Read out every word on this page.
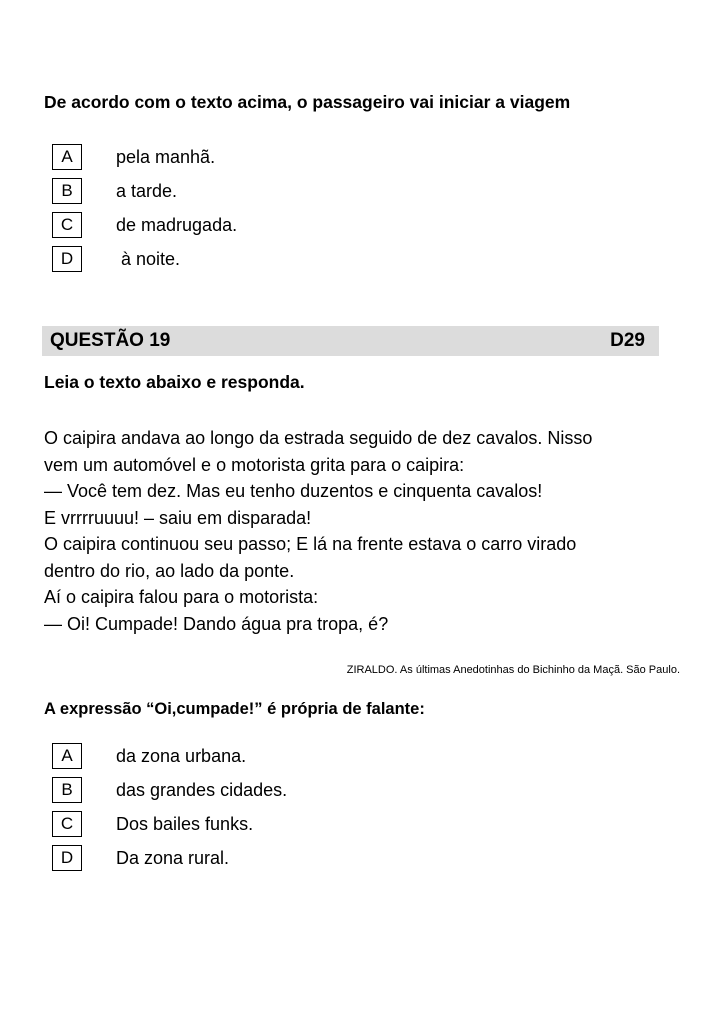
De acordo com o texto acima, o passageiro vai iniciar a viagem
A	pela manhã.
B	a tarde.
C	de madrugada.
D	à noite.
QUESTÃO 19	D29
Leia o texto abaixo e responda.
O caipira andava ao longo da estrada seguido de dez cavalos. Nisso
vem um automóvel e o motorista grita para o caipira:
— Você tem dez. Mas eu tenho duzentos e cinquenta cavalos!
E vrrrruuuu! – saiu em disparada!
O caipira continuou seu passo; E lá na frente estava o carro virado
dentro do rio, ao lado da ponte.
Aí o caipira falou para o motorista:
— Oi! Cumpade! Dando água pra tropa, é?
ZIRALDO. As últimas Anedotinhas do Bichinho da Maçã. São Paulo.
A expressão “Oi,cumpade!” é própria de falante:
A	da zona urbana.
B	das grandes cidades.
C	Dos bailes funks.
D	Da zona rural.
